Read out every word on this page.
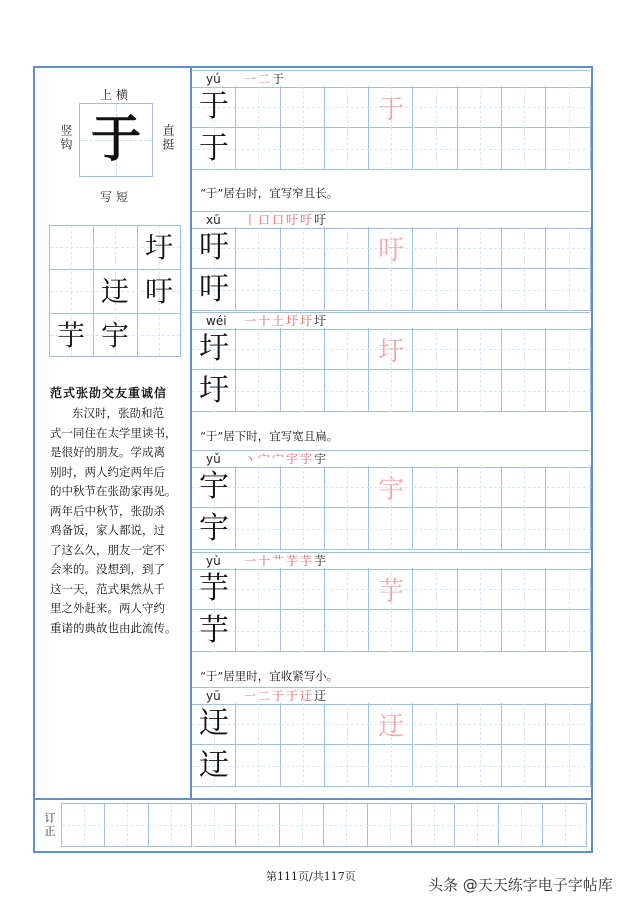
上横
竖钩	直挺
写短
于
圩
迂 吁
芋 宇
范式张劭交友重诚信

东汉时，张劭和范

式一同住在太学里读书，

是很好的朋友。学成离

别时，两人约定两年后

的中秋节在张劭家再见。

两年后中秋节，张劭杀

鸡备饭，家人都说，过

了这么久，朋友一定不

会来的。没想到，到了

这一天，范式果然从千

里之外赶来。两人守约

重诺的典故也由此流传。

yú 一二于
于
于
于
xū 丨口口吁吁吁
吁
吁
吁
wéi 一十土圩圩圩
圩
圩
圩
yǔ 丶宀宀宇宇宇
宇
宇
宇
yù 一十艹芋芋芋
芋
芋
芋
yū 一二于于迂迂
迂
迂
迂
“于”居右时，宜写窄且长。
“于”居下时，宜写宽且扁。
“于”居里时，宜收紧写小。
订正
第111页/共117页	头条 @天天练字电子字帖库
